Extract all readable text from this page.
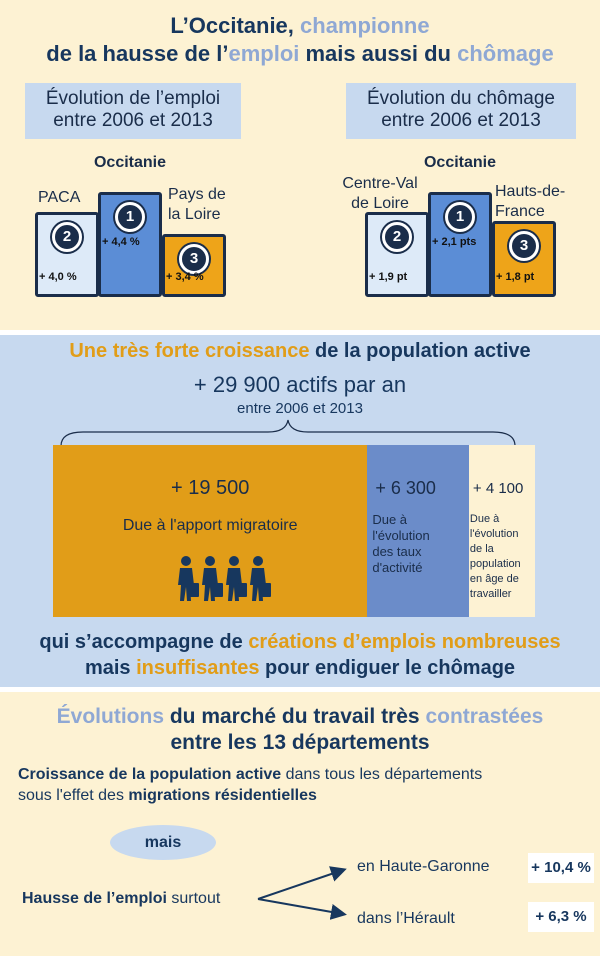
L’Occitanie, championne
de la hausse de l’emploi mais aussi du chômage
Évolution de l’emploi
entre 2006 et 2013
Évolution du chômage
entre 2006 et 2013
2
+ 4,0 %
PACA
1
+ 4,4 %
Occitanie
3
+ 3,4 %
Pays de
la Loire
2
+ 1,9 pt
Centre-Val
de Loire
1
+ 2,1 pts
Occitanie
3
+ 1,8 pt
Hauts-de-
France
Une très forte croissance de la population active
+ 29 900 actifs par an
entre 2006 et 2013
+ 19 500
Due à l'apport migratoire
+ 6 300
Due à
l'évolution
des taux
d'activité
+ 4 100
Due à
l'évolution
de la
population
en âge de
travailler
qui s’accompagne de créations d’emplois nombreuses
mais insuffisantes pour endiguer le chômage
Évolutions du marché du travail très contrastées
entre les 13 départements
Croissance de la population active dans tous les départements
sous l'effet des migrations résidentielles
mais
Hausse de l’emploi surtout
en Haute-Garonne	+ 10,4 %
dans l’Hérault	+ 6,3 %
